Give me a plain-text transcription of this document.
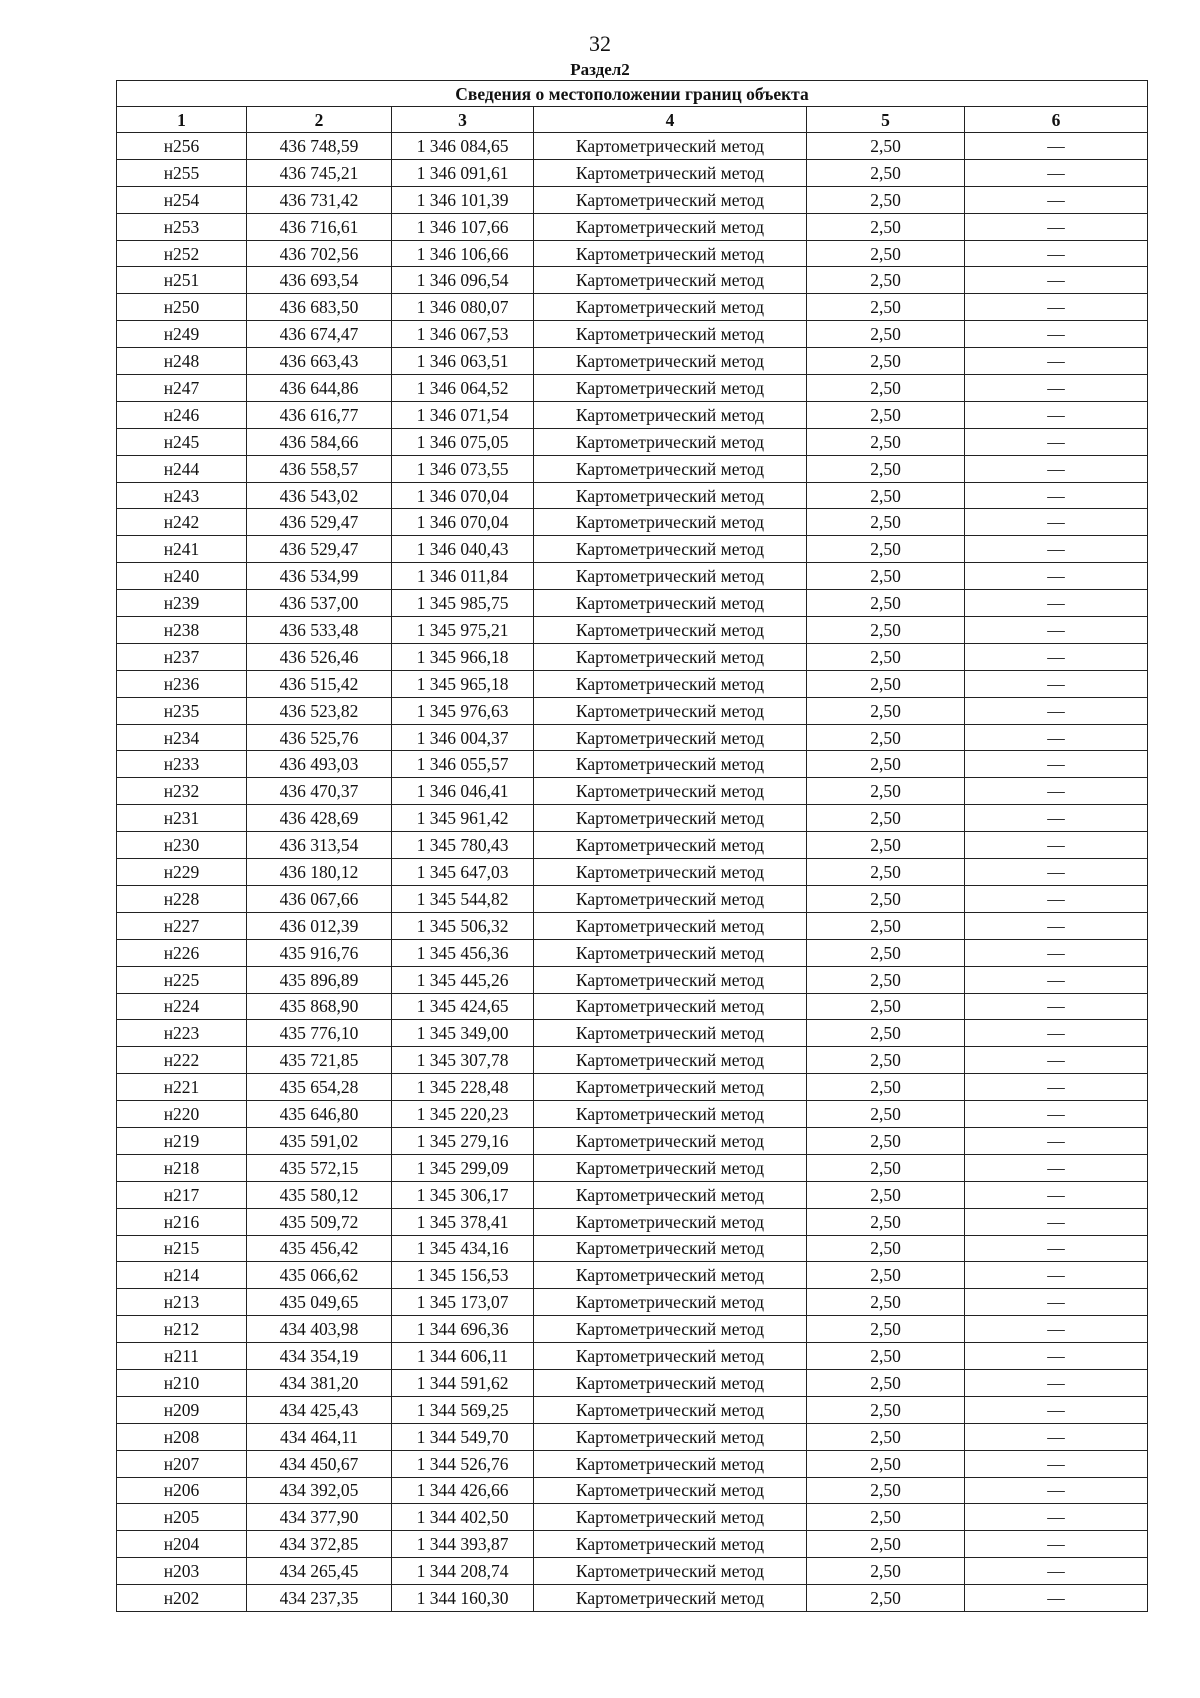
32
Раздел2
Сведения о местоположении границ объекта					
1	2	3	4	5	6
н256	436 748,59	1 346 084,65	Картометрический метод	2,50	—
н255	436 745,21	1 346 091,61	Картометрический метод	2,50	—
н254	436 731,42	1 346 101,39	Картометрический метод	2,50	—
н253	436 716,61	1 346 107,66	Картометрический метод	2,50	—
н252	436 702,56	1 346 106,66	Картометрический метод	2,50	—
н251	436 693,54	1 346 096,54	Картометрический метод	2,50	—
н250	436 683,50	1 346 080,07	Картометрический метод	2,50	—
н249	436 674,47	1 346 067,53	Картометрический метод	2,50	—
н248	436 663,43	1 346 063,51	Картометрический метод	2,50	—
н247	436 644,86	1 346 064,52	Картометрический метод	2,50	—
н246	436 616,77	1 346 071,54	Картометрический метод	2,50	—
н245	436 584,66	1 346 075,05	Картометрический метод	2,50	—
н244	436 558,57	1 346 073,55	Картометрический метод	2,50	—
н243	436 543,02	1 346 070,04	Картометрический метод	2,50	—
н242	436 529,47	1 346 070,04	Картометрический метод	2,50	—
н241	436 529,47	1 346 040,43	Картометрический метод	2,50	—
н240	436 534,99	1 346 011,84	Картометрический метод	2,50	—
н239	436 537,00	1 345 985,75	Картометрический метод	2,50	—
н238	436 533,48	1 345 975,21	Картометрический метод	2,50	—
н237	436 526,46	1 345 966,18	Картометрический метод	2,50	—
н236	436 515,42	1 345 965,18	Картометрический метод	2,50	—
н235	436 523,82	1 345 976,63	Картометрический метод	2,50	—
н234	436 525,76	1 346 004,37	Картометрический метод	2,50	—
н233	436 493,03	1 346 055,57	Картометрический метод	2,50	—
н232	436 470,37	1 346 046,41	Картометрический метод	2,50	—
н231	436 428,69	1 345 961,42	Картометрический метод	2,50	—
н230	436 313,54	1 345 780,43	Картометрический метод	2,50	—
н229	436 180,12	1 345 647,03	Картометрический метод	2,50	—
н228	436 067,66	1 345 544,82	Картометрический метод	2,50	—
н227	436 012,39	1 345 506,32	Картометрический метод	2,50	—
н226	435 916,76	1 345 456,36	Картометрический метод	2,50	—
н225	435 896,89	1 345 445,26	Картометрический метод	2,50	—
н224	435 868,90	1 345 424,65	Картометрический метод	2,50	—
н223	435 776,10	1 345 349,00	Картометрический метод	2,50	—
н222	435 721,85	1 345 307,78	Картометрический метод	2,50	—
н221	435 654,28	1 345 228,48	Картометрический метод	2,50	—
н220	435 646,80	1 345 220,23	Картометрический метод	2,50	—
н219	435 591,02	1 345 279,16	Картометрический метод	2,50	—
н218	435 572,15	1 345 299,09	Картометрический метод	2,50	—
н217	435 580,12	1 345 306,17	Картометрический метод	2,50	—
н216	435 509,72	1 345 378,41	Картометрический метод	2,50	—
н215	435 456,42	1 345 434,16	Картометрический метод	2,50	—
н214	435 066,62	1 345 156,53	Картометрический метод	2,50	—
н213	435 049,65	1 345 173,07	Картометрический метод	2,50	—
н212	434 403,98	1 344 696,36	Картометрический метод	2,50	—
н211	434 354,19	1 344 606,11	Картометрический метод	2,50	—
н210	434 381,20	1 344 591,62	Картометрический метод	2,50	—
н209	434 425,43	1 344 569,25	Картометрический метод	2,50	—
н208	434 464,11	1 344 549,70	Картометрический метод	2,50	—
н207	434 450,67	1 344 526,76	Картометрический метод	2,50	—
н206	434 392,05	1 344 426,66	Картометрический метод	2,50	—
н205	434 377,90	1 344 402,50	Картометрический метод	2,50	—
н204	434 372,85	1 344 393,87	Картометрический метод	2,50	—
н203	434 265,45	1 344 208,74	Картометрический метод	2,50	—
н202	434 237,35	1 344 160,30	Картометрический метод	2,50	—
